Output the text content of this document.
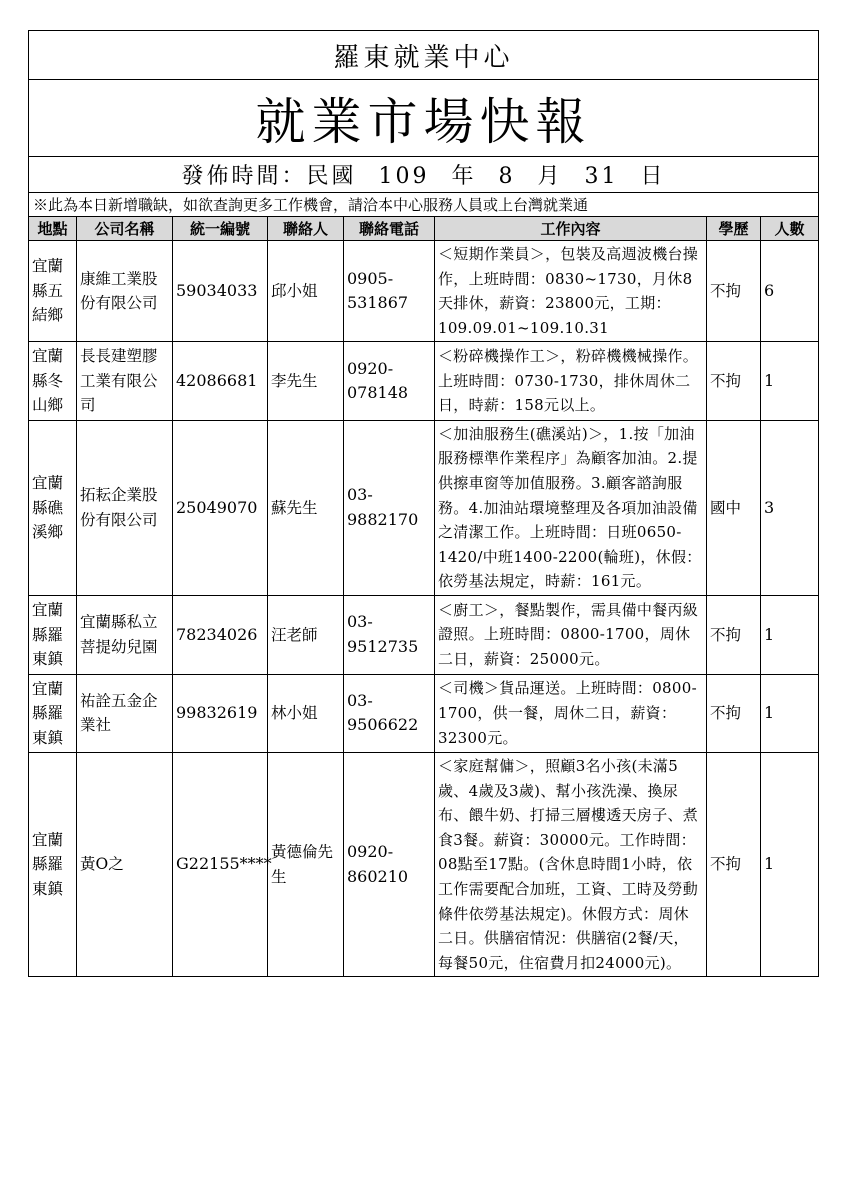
羅東就業中心							
就業市場快報							
發佈時間：民國 109 年 8 月 31 日							
※此為本日新增職缺，如欲查詢更多工作機會，請洽本中心服務人員或上台灣就業通							
地點	公司名稱	統一編號	聯絡人	聯絡電話	工作內容	學歷	人數
宜蘭縣五結鄉	康維工業股份有限公司	59034033	邱小姐	0905-531867	＜短期作業員＞，包裝及高週波機台操作，上班時間：0830~1730，月休8天排休，薪資：23800元，工期：109.09.01~109.10.31	不拘	6
宜蘭縣冬山鄉	長長建塑膠工業有限公司	42086681	李先生	0920-078148	＜粉碎機操作工＞，粉碎機機械操作。上班時間：0730-1730，排休周休二日，時薪：158元以上。	不拘	1
宜蘭縣礁溪鄉	拓耘企業股份有限公司	25049070	蘇先生	03-9882170	＜加油服務生(礁溪站)＞，1.按「加油服務標準作業程序」為顧客加油。2.提供擦車窗等加值服務。3.顧客諮詢服務。4.加油站環境整理及各項加油設備之清潔工作。上班時間：日班0650-1420/中班1400-2200(輪班)，休假：依勞基法規定，時薪：161元。	國中	3
宜蘭縣羅東鎮	宜蘭縣私立菩提幼兒園	78234026	汪老師	03-9512735	＜廚工＞，餐點製作，需具備中餐丙級證照。上班時間：0800-1700，周休二日，薪資：25000元。	不拘	1
宜蘭縣羅東鎮	祐詮五金企業社	99832619	林小姐	03-9506622	＜司機＞貨品運送。上班時間：0800-1700，供一餐，周休二日，薪資：32300元。	不拘	1
宜蘭縣羅東鎮	黃O之	G22155****	黃德倫先生	0920-860210	＜家庭幫傭＞，照顧3名小孩(未滿5歲、4歲及3歲)、幫小孩洗澡、換尿布、餵牛奶、打掃三層樓透天房子、煮食3餐。薪資：30000元。工作時間：08點至17點。(含休息時間1小時，依工作需要配合加班，工資、工時及勞動條件依勞基法規定)。休假方式：周休二日。供膳宿情況：供膳宿(2餐/天，每餐50元，住宿費月扣24000元)。	不拘	1
